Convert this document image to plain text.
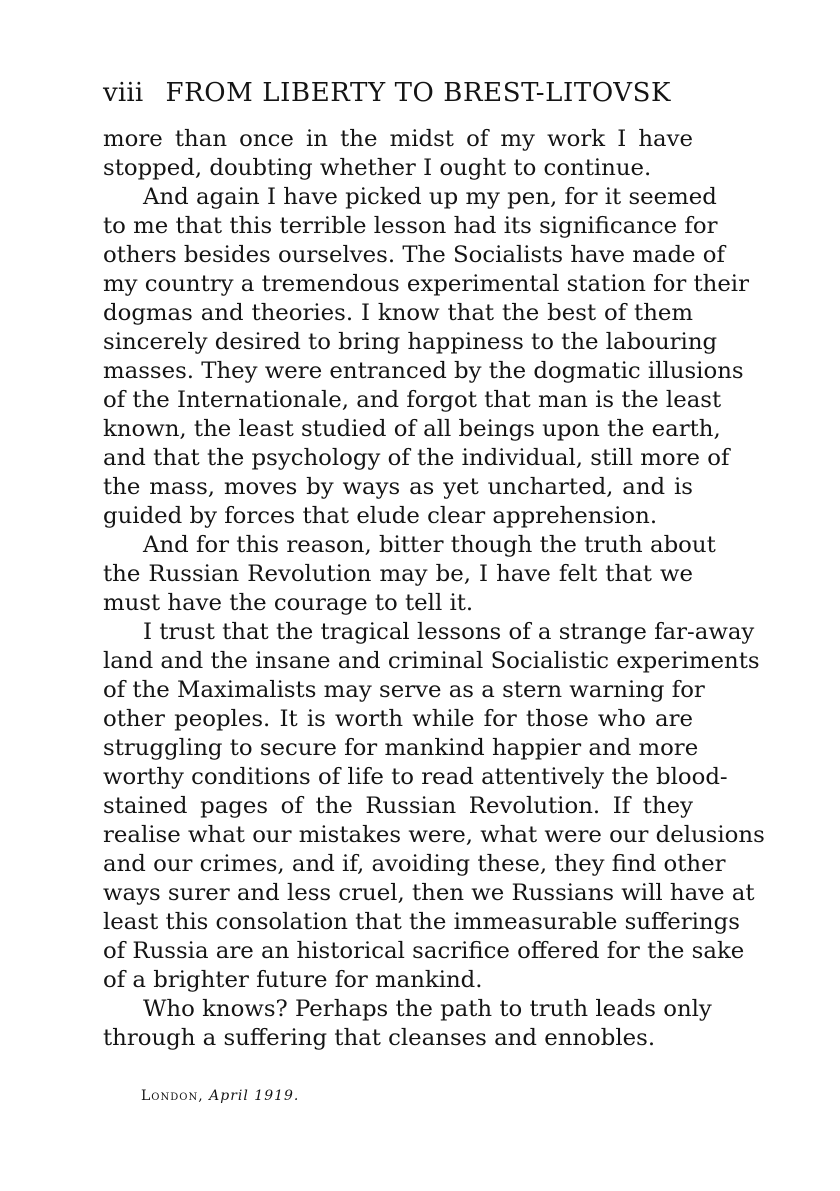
viii FROM LIBERTY TO BREST-LITOVSK
more than once in the midst of my work I have
stopped, doubting whether I ought to continue.
And again I have picked up my pen, for it seemed
to me that this terrible lesson had its significance for
others besides ourselves. The Socialists have made of
my country a tremendous experimental station for their
dogmas and theories. I know that the best of them
sincerely desired to bring happiness to the labouring
masses. They were entranced by the dogmatic illusions
of the Internationale, and forgot that man is the least
known, the least studied of all beings upon the earth,
and that the psychology of the individual, still more of
the mass, moves by ways as yet uncharted, and is
guided by forces that elude clear apprehension.
And for this reason, bitter though the truth about
the Russian Revolution may be, I have felt that we
must have the courage to tell it.
I trust that the tragical lessons of a strange far-away
land and the insane and criminal Socialistic experiments
of the Maximalists may serve as a stern warning for
other peoples. It is worth while for those who are
struggling to secure for mankind happier and more
worthy conditions of life to read attentively the blood-
stained pages of the Russian Revolution. If they
realise what our mistakes were, what were our delusions
and our crimes, and if, avoiding these, they find other
ways surer and less cruel, then we Russians will have at
least this consolation that the immeasurable sufferings
of Russia are an historical sacrifice offered for the sake
of a brighter future for mankind.
Who knows? Perhaps the path to truth leads only
through a suffering that cleanses and ennobles.
London, April 1919.
